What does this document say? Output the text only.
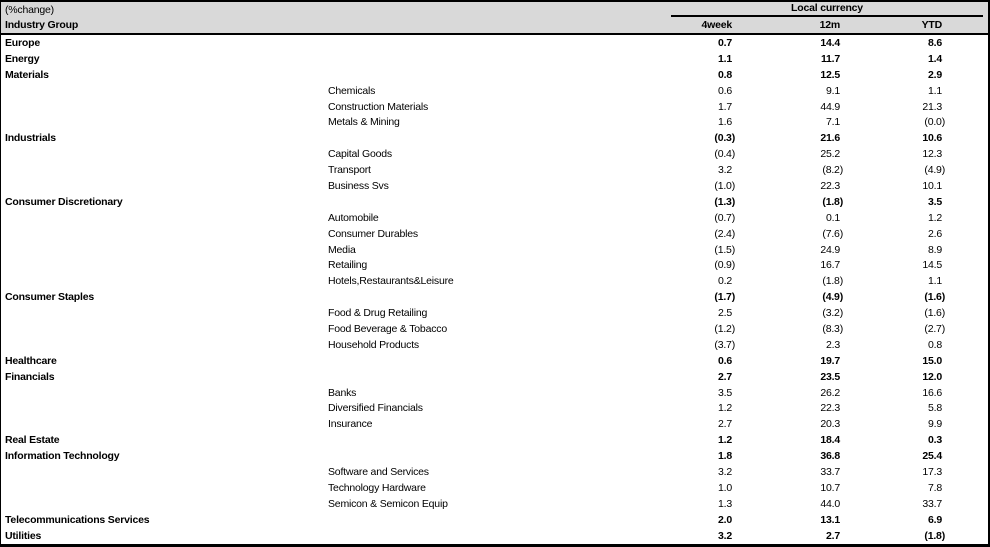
(%change)	Local currency
Industry Group	4week	12m	YTD
Europe	0.7	14.4	8.6
Energy	1.1	11.7	1.4
Materials	0.8	12.5	2.9
Chemicals	0.6	9.1	1.1
Construction Materials	1.7	44.9	21.3
Metals & Mining	1.6	7.1	(0.0)
Industrials	(0.3)	21.6	10.6
Capital Goods	(0.4)	25.2	12.3
Transport	3.2	(8.2)	(4.9)
Business Svs	(1.0)	22.3	10.1
Consumer Discretionary	(1.3)	(1.8)	3.5
Automobile	(0.7)	0.1	1.2
Consumer Durables	(2.4)	(7.6)	2.6
Media	(1.5)	24.9	8.9
Retailing	(0.9)	16.7	14.5
Hotels,Restaurants&Leisure	0.2	(1.8)	1.1
Consumer Staples	(1.7)	(4.9)	(1.6)
Food & Drug Retailing	2.5	(3.2)	(1.6)
Food Beverage & Tobacco	(1.2)	(8.3)	(2.7)
Household Products	(3.7)	2.3	0.8
Healthcare	0.6	19.7	15.0
Financials	2.7	23.5	12.0
Banks	3.5	26.2	16.6
Diversified Financials	1.2	22.3	5.8
Insurance	2.7	20.3	9.9
Real Estate	1.2	18.4	0.3
Information Technology	1.8	36.8	25.4
Software and Services	3.2	33.7	17.3
Technology Hardware	1.0	10.7	7.8
Semicon & Semicon Equip	1.3	44.0	33.7
Telecommunications Services	2.0	13.1	6.9
Utilities	3.2	2.7	(1.8)
